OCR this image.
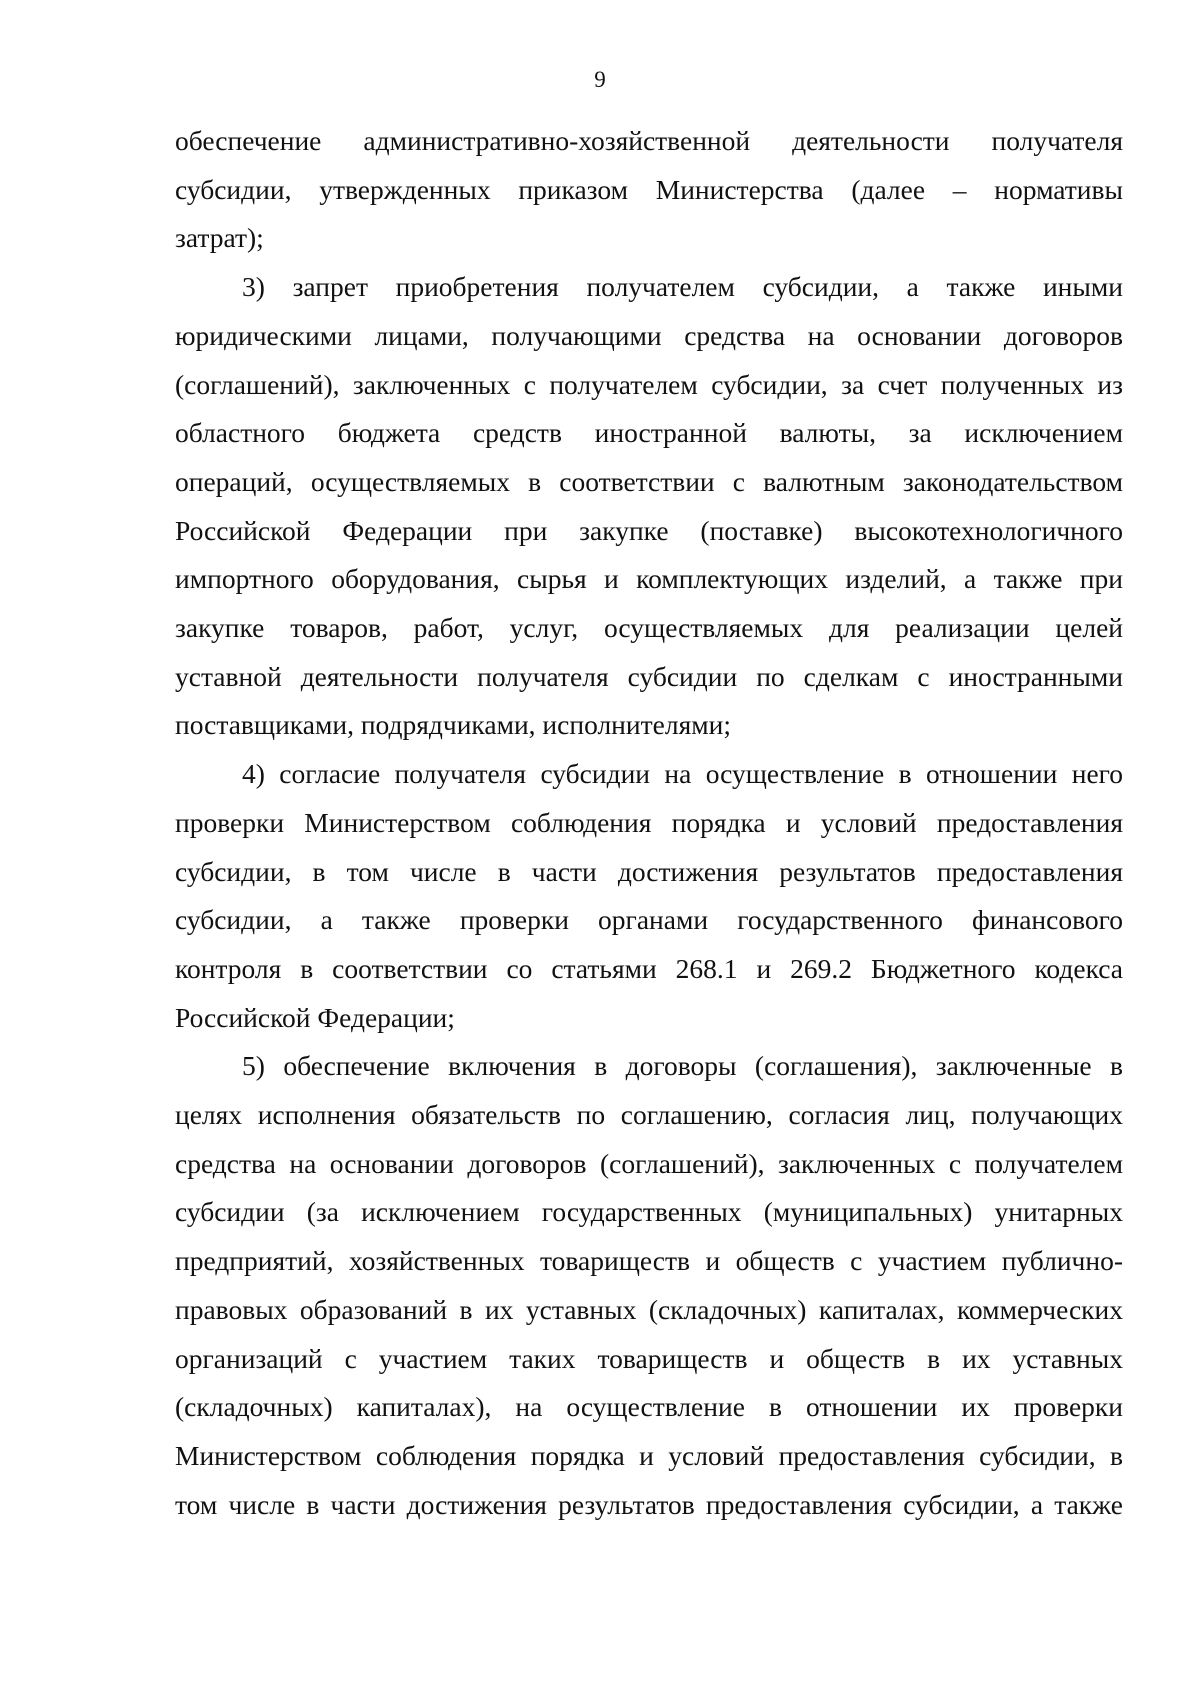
9

обеспечение административно-хозяйственной деятельности получателя

субсидии, утвержденных приказом Министерства (далее – нормативы

затрат);

3) запрет приобретения получателем субсидии, а также иными

юридическими лицами, получающими средства на основании договоров

(соглашений), заключенных с получателем субсидии, за счет полученных из

областного бюджета средств иностранной валюты, за исключением

операций, осуществляемых в соответствии с валютным законодательством

Российской Федерации при закупке (поставке) высокотехнологичного

импортного оборудования, сырья и комплектующих изделий, а также при

закупке товаров, работ, услуг, осуществляемых для реализации целей

уставной деятельности получателя субсидии по сделкам с иностранными

поставщиками, подрядчиками, исполнителями;

4) согласие получателя субсидии на осуществление в отношении него

проверки Министерством соблюдения порядка и условий предоставления

субсидии, в том числе в части достижения результатов предоставления

субсидии, а также проверки органами государственного финансового

контроля в соответствии со статьями 268.1 и 269.2 Бюджетного кодекса

Российской Федерации;

5) обеспечение включения в договоры (соглашения), заключенные в

целях исполнения обязательств по соглашению, согласия лиц, получающих

средства на основании договоров (соглашений), заключенных с получателем

субсидии (за исключением государственных (муниципальных) унитарных

предприятий, хозяйственных товариществ и обществ с участием публично-

правовых образований в их уставных (складочных) капиталах, коммерческих

организаций с участием таких товариществ и обществ в их уставных

(складочных) капиталах), на осуществление в отношении их проверки

Министерством соблюдения порядка и условий предоставления субсидии, в

том числе в части достижения результатов предоставления субсидии, а также
